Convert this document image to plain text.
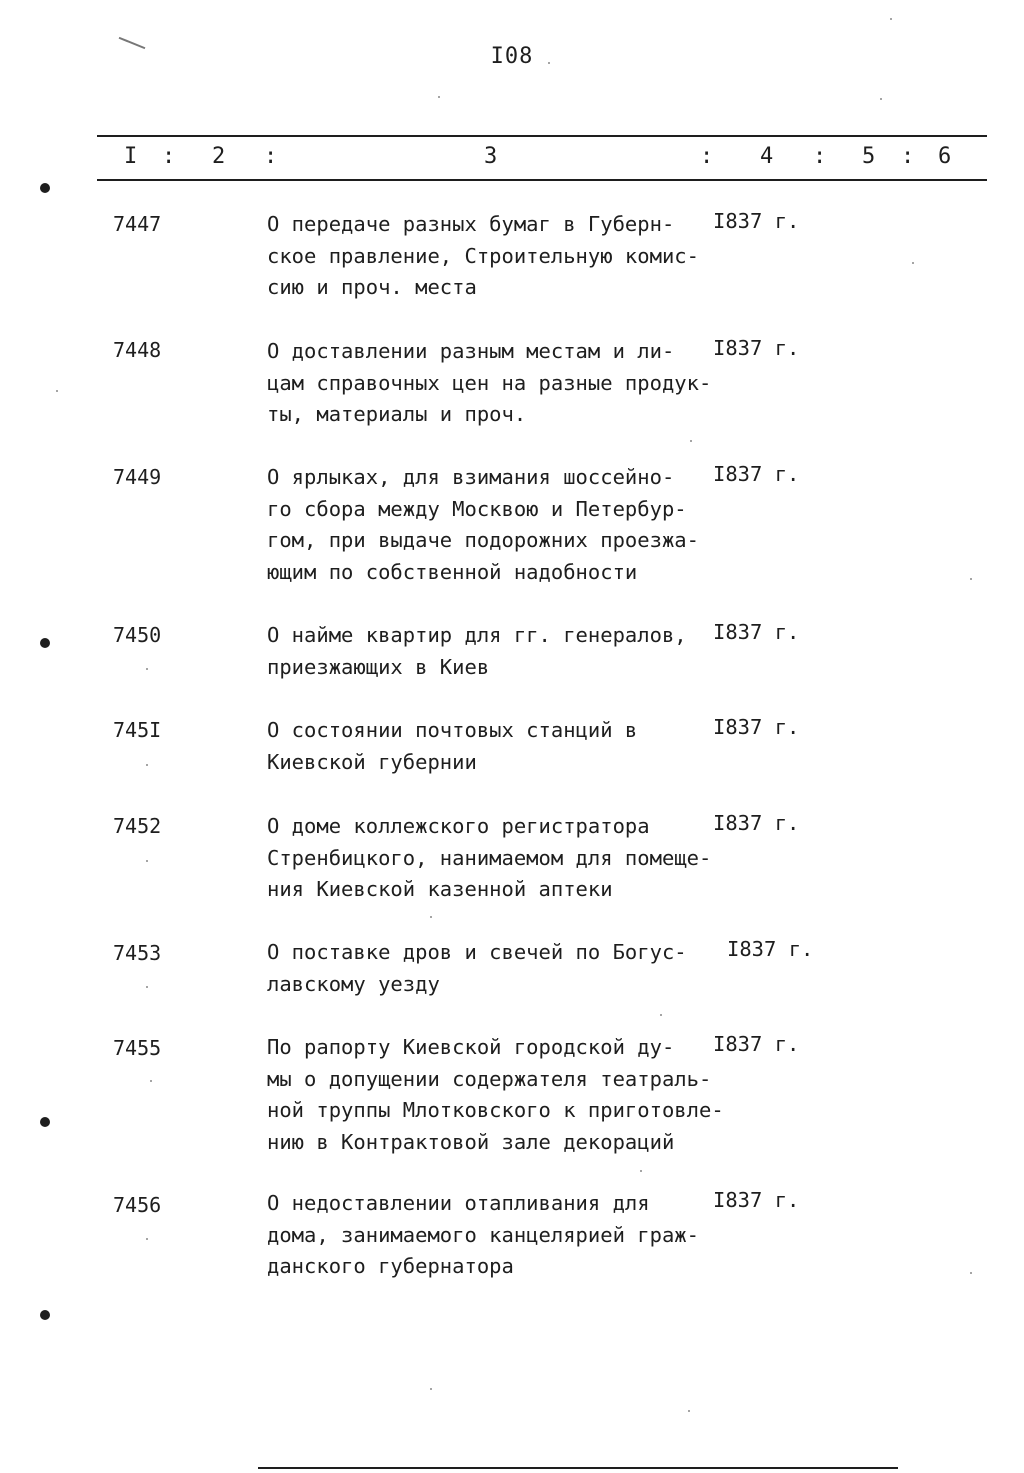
I08
I : 2 :	3	: 4 : 5 : 6
7447	О передаче разных бумаг в Губерн-
ское правление, Строительную комис-
сию и проч. места
I837 г.
7448	О доставлении разным местам и ли-
цам справочных цен на разные продук-
ты, материалы и проч.
I837 г.
7449	О ярлыках, для взимания шоссейно-
го сбора между Москвою и Петербур-
гом, при выдаче подорожних проезжа-
ющим по собственной надобности
I837 г.
7450	О найме квартир для гг. генералов,
приезжающих в Киев
I837 г.
745I	О состоянии почтовых станций в
Киевской губернии
I837 г.
7452	О доме коллежского регистратора
Стренбицкого, нанимаемом для помеще-
ния Киевской казенной аптеки
I837 г.
7453	О поставке дров и свечей по Богус-
лавскому уезду
I837 г.
7455	По рапорту Киевской городской ду-
мы о допущении содержателя театраль-
ной труппы Млотковского к приготовле-
нию в Контрактовой зале декораций
I837 г.
7456	О недоставлении отапливания для
дома, занимаемого канцелярией граж-
данского губернатора
I837 г.
